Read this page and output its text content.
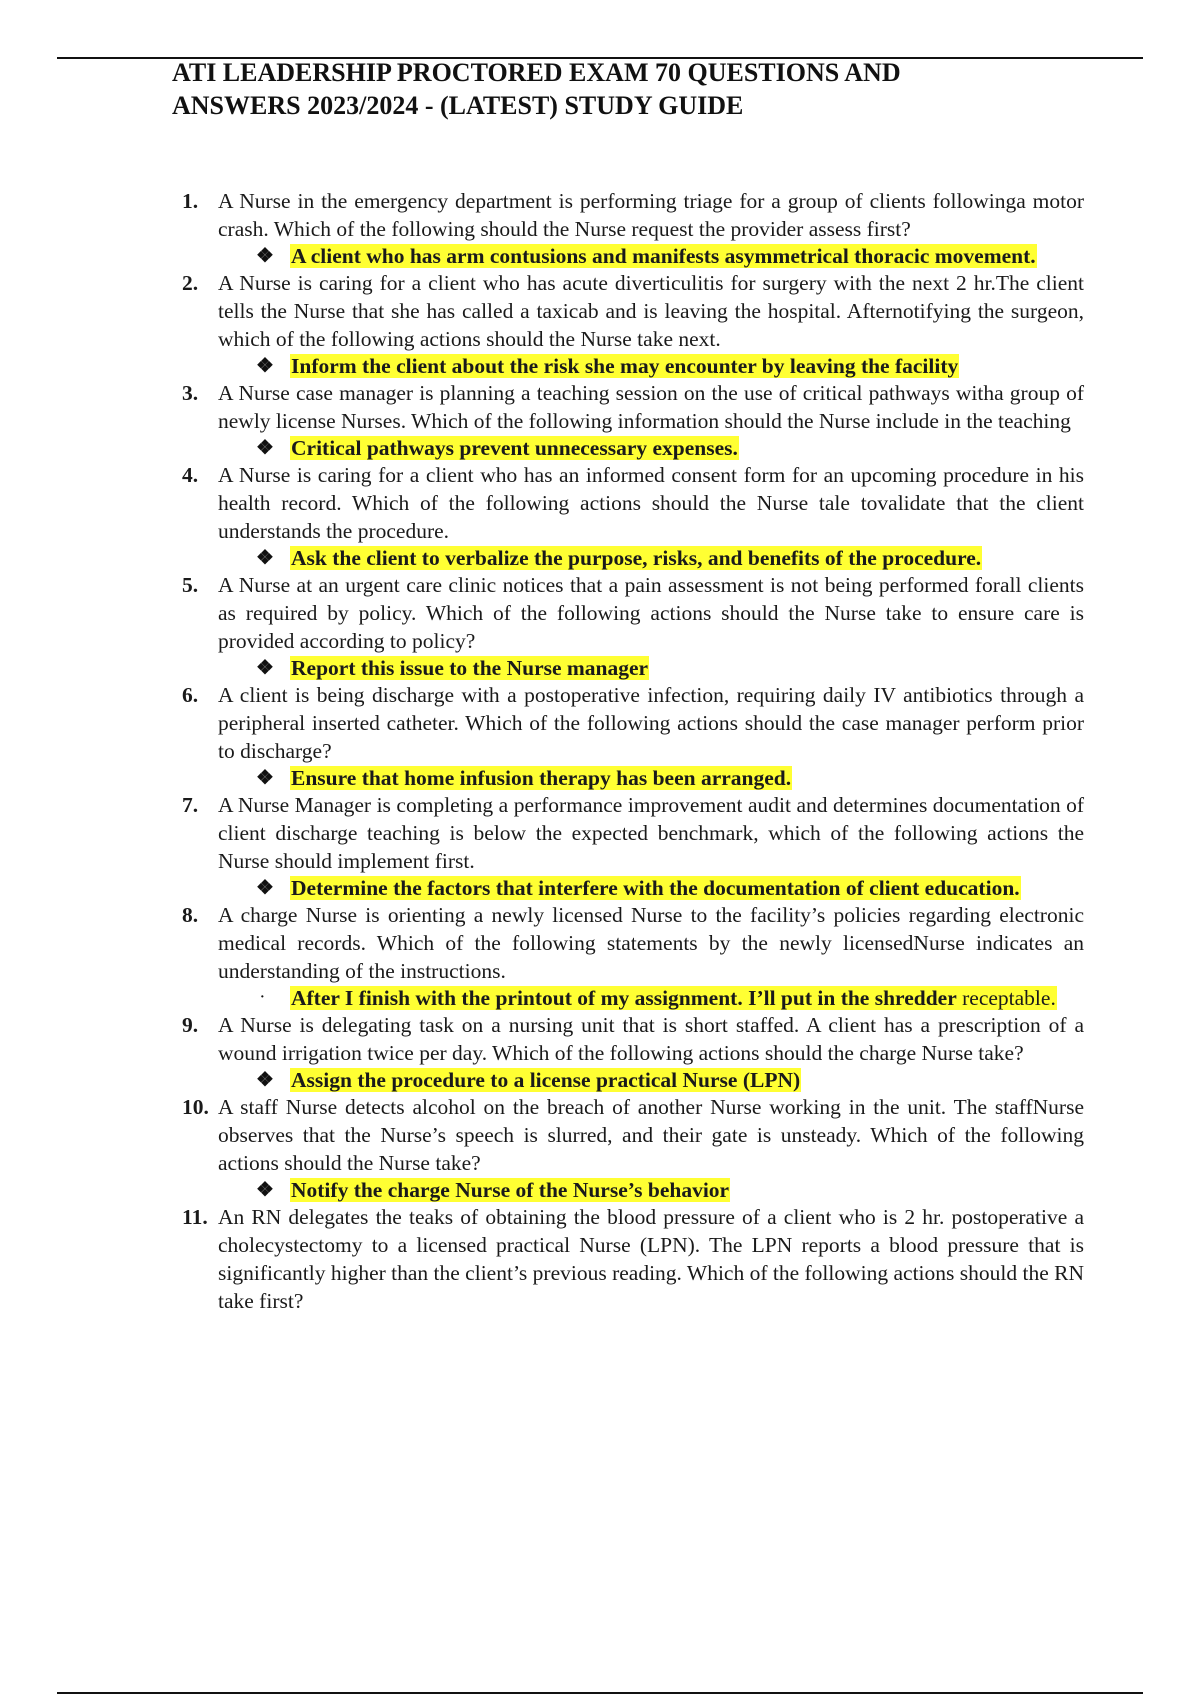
ATI LEADERSHIP PROCTORED EXAM 70 QUESTIONS AND
ANSWERS 2023/2024 - (LATEST) STUDY GUIDE
1. A Nurse in the emergency department is performing triage for a group of clients followinga motor crash. Which of the following should the Nurse request the provider assess first?

❖ A client who has arm contusions and manifests asymmetrical thoracic movement.
2. A Nurse is caring for a client who has acute diverticulitis for surgery with the next 2 hr.The client tells the Nurse that she has called a taxicab and is leaving the hospital. Afternotifying the surgeon, which of the following actions should the Nurse take next.

❖ Inform the client about the risk she may encounter by leaving the facility
3. A Nurse case manager is planning a teaching session on the use of critical pathways witha group of newly license Nurses. Which of the following information should the Nurse include in the teaching

❖ Critical pathways prevent unnecessary expenses.
4. A Nurse is caring for a client who has an informed consent form for an upcoming procedure in his health record. Which of the following actions should the Nurse tale tovalidate that the client understands the procedure.

❖ Ask the client to verbalize the purpose, risks, and benefits of the procedure.
5. A Nurse at an urgent care clinic notices that a pain assessment is not being performed forall clients as required by policy. Which of the following actions should the Nurse take to ensure care is provided according to policy?

❖ Report this issue to the Nurse manager
6. A client is being discharge with a postoperative infection, requiring daily IV antibiotics through a peripheral inserted catheter. Which of the following actions should the case manager perform prior to discharge?

❖ Ensure that home infusion therapy has been arranged.
7. A Nurse Manager is completing a performance improvement audit and determines documentation of client discharge teaching is below the expected benchmark, which of the following actions the Nurse should implement first.

❖ Determine the factors that interfere with the documentation of client education.
8. A charge Nurse is orienting a newly licensed Nurse to the facility’s policies regarding electronic medical records. Which of the following statements by the newly licensedNurse indicates an understanding of the instructions.

· After I finish with the printout of my assignment. I’ll put in the shredder receptable.
9. A Nurse is delegating task on a nursing unit that is short staffed. A client has a prescription of a wound irrigation twice per day. Which of the following actions should the charge Nurse take?

❖ Assign the procedure to a license practical Nurse (LPN)
10. A staff Nurse detects alcohol on the breach of another Nurse working in the unit. The staffNurse observes that the Nurse’s speech is slurred, and their gate is unsteady. Which of the following actions should the Nurse take?

❖ Notify the charge Nurse of the Nurse’s behavior
11. An RN delegates the teaks of obtaining the blood pressure of a client who is 2 hr. postoperative a cholecystectomy to a licensed practical Nurse (LPN). The LPN reports a blood pressure that is significantly higher than the client’s previous reading. Which of the following actions should the RN take first?
